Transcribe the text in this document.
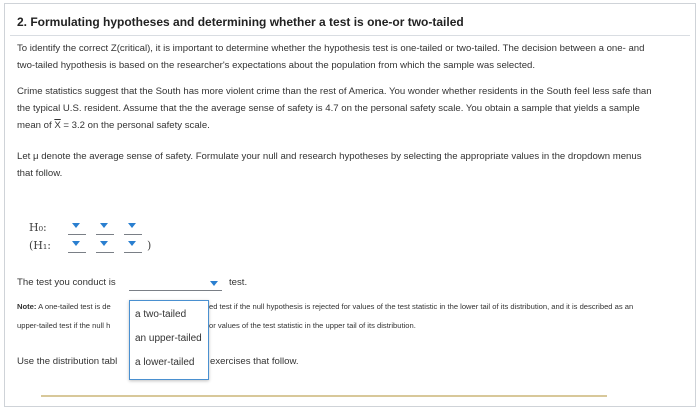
2. Formulating hypotheses and determining whether a test is one-or two-tailed
To identify the correct Z(critical), it is important to determine whether the hypothesis test is one-tailed or two-tailed. The decision between a one- and
two-tailed hypothesis is based on the researcher's expectations about the population from which the sample was selected.
Crime statistics suggest that the South has more violent crime than the rest of America. You wonder whether residents in the South feel less safe than
the typical U.S. resident. Assume that the the average sense of safety is 4.7 on the personal safety scale. You obtain a sample that yields a sample
mean of $\overline{X} = 3.2$ on the personal safety scale.
Let μ denote the average sense of safety. Formulate your null and research hypotheses by selecting the appropriate values in the dropdown menus
that follow.
H₀:
(H₁:	)
The test you conduct is	test.
Note: A one-tailed test is de	ed test if the null hypothesis is rejected for values of the test statistic in the lower tail of its distribution, and it is described as an
upper-tailed test if the null h	or values of the test statistic in the upper tail of its distribution.
Use the distribution tabl	exercises that follow.
a two-tailed
an upper-tailed
a lower-tailed
